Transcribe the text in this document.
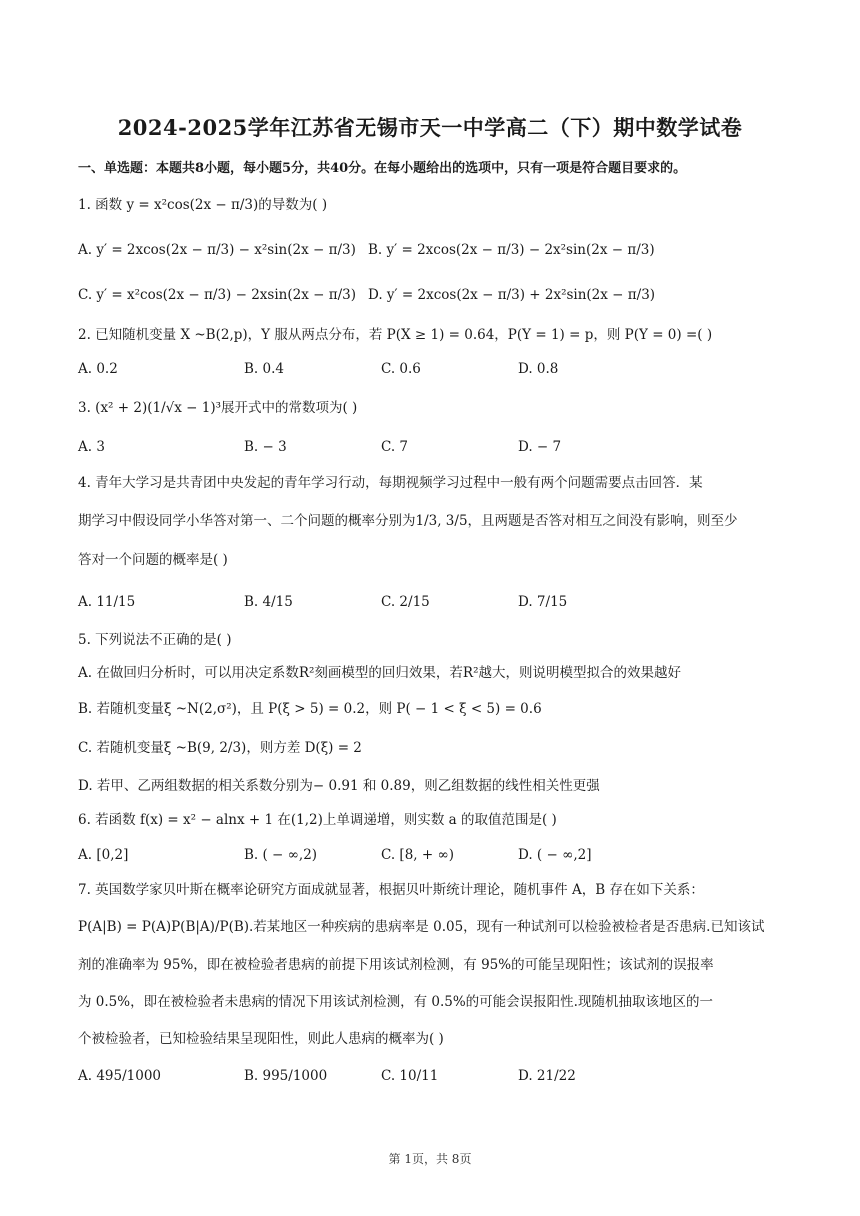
2024-2025学年江苏省无锡市天一中学高二（下）期中数学试卷
一、单选题：本题共8小题，每小题5分，共40分。在每小题给出的选项中，只有一项是符合题目要求的。
1. 函数 y = x²cos(2x − π/3)的导数为( )
A. y′ = 2xcos(2x − π/3) − x²sin(2x − π/3) B. y′ = 2xcos(2x − π/3) − 2x²sin(2x − π/3)
C. y′ = x²cos(2x − π/3) − 2xsin(2x − π/3) D. y′ = 2xcos(2x − π/3) + 2x²sin(2x − π/3)
2. 已知随机变量 X ~B(2,p)，Y 服从两点分布，若 P(X ≥ 1) = 0.64，P(Y = 1) = p，则 P(Y = 0) =( )
A. 0.2	B. 0.4	C. 0.6	D. 0.8
3. (x² + 2)(1/√x − 1)³展开式中的常数项为( )
A. 3	B. − 3	C. 7	D. − 7
4. 青年大学习是共青团中央发起的青年学习行动，每期视频学习过程中一般有两个问题需要点击回答．某
期学习中假设同学小华答对第一、二个问题的概率分别为1/3, 3/5，且两题是否答对相互之间没有影响，则至少
答对一个问题的概率是( )
A. 11/15	B. 4/15	C. 2/15	D. 7/15
5. 下列说法不正确的是( )
A. 在做回归分析时，可以用决定系数R²刻画模型的回归效果，若R²越大，则说明模型拟合的效果越好
B. 若随机变量ξ ~N(2,σ²)，且 P(ξ > 5) = 0.2，则 P( − 1 < ξ < 5) = 0.6
C. 若随机变量ξ ~B(9, 2/3)，则方差 D(ξ) = 2
D. 若甲、乙两组数据的相关系数分别为− 0.91 和 0.89，则乙组数据的线性相关性更强
6. 若函数 f(x) = x² − alnx + 1 在(1,2)上单调递增，则实数 a 的取值范围是( )
A. [0,2]	B. ( − ∞,2)	C. [8, + ∞)	D. ( − ∞,2]
7. 英国数学家贝叶斯在概率论研究方面成就显著，根据贝叶斯统计理论，随机事件 A，B 存在如下关系：
P(A|B) = P(A)P(B|A)/P(B).若某地区一种疾病的患病率是 0.05，现有一种试剂可以检验被检者是否患病.已知该试
剂的准确率为 95%，即在被检验者患病的前提下用该试剂检测，有 95%的可能呈现阳性；该试剂的误报率
为 0.5%，即在被检验者未患病的情况下用该试剂检测，有 0.5%的可能会误报阳性.现随机抽取该地区的一
个被检验者，已知检验结果呈现阳性，则此人患病的概率为( )
A. 495/1000	B. 995/1000	C. 10/11	D. 21/22
第 1页，共 8页
